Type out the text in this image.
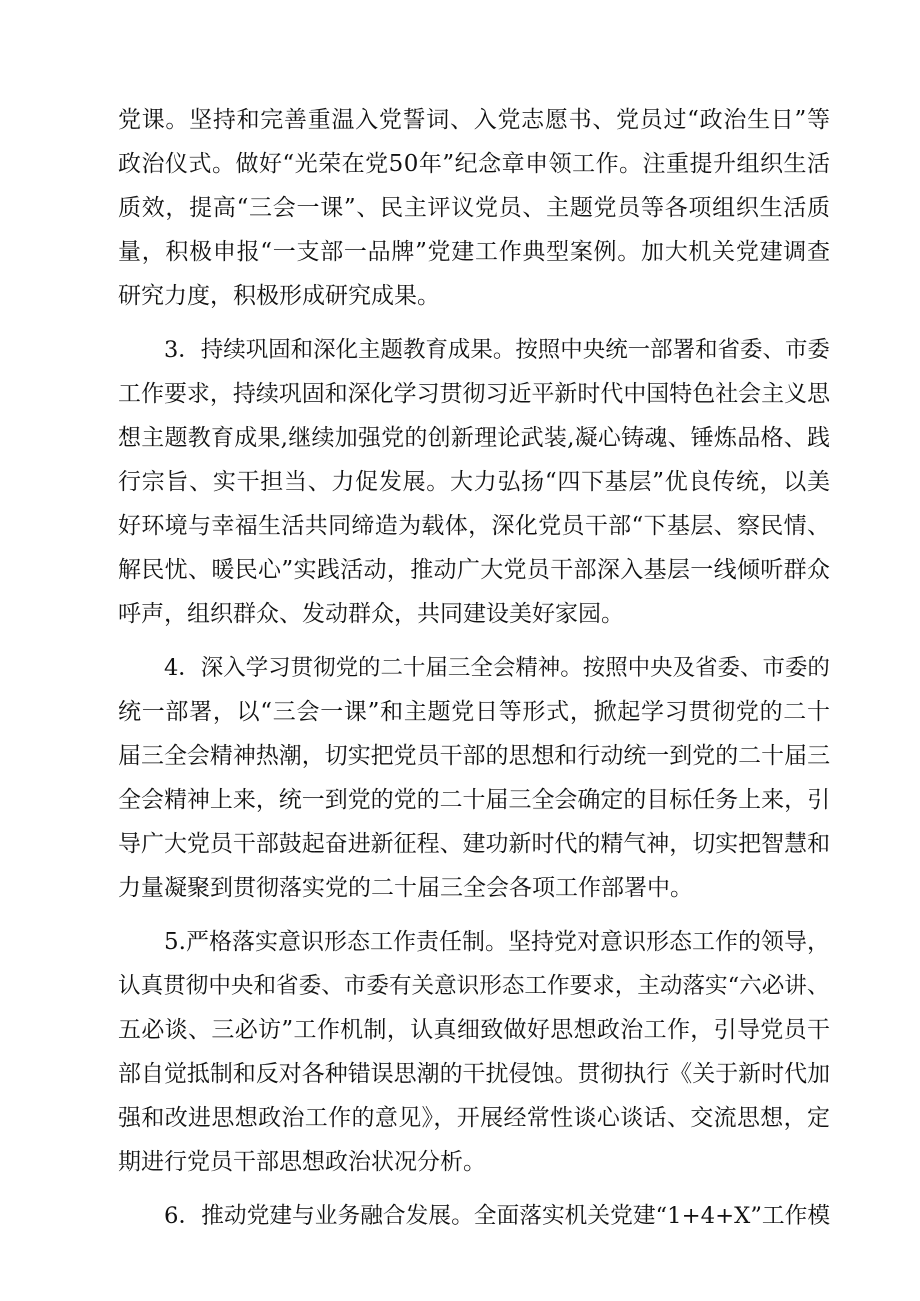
党课。坚持和完善重温入党誓词、入党志愿书、党员过“政治生日”等
政治仪式。做好“光荣在党50年”纪念章申领工作。注重提升组织生活
质效，提高“三会一课”、民主评议党员、主题党员等各项组织生活质
量，积极申报“一支部一品牌”党建工作典型案例。加大机关党建调查
研究力度，积极形成研究成果。
3．持续巩固和深化主题教育成果。按照中央统一部署和省委、市委
工作要求，持续巩固和深化学习贯彻习近平新时代中国特色社会主义思
想主题教育成果,继续加强党的创新理论武装,凝心铸魂、锤炼品格、践
行宗旨、实干担当、力促发展。大力弘扬“四下基层”优良传统，以美
好环境与幸福生活共同缔造为载体，深化党员干部“下基层、察民情、
解民忧、暖民心”实践活动，推动广大党员干部深入基层一线倾听群众
呼声，组织群众、发动群众，共同建设美好家园。
4．深入学习贯彻党的二十届三全会精神。按照中央及省委、市委的
统一部署，以“三会一课”和主题党日等形式，掀起学习贯彻党的二十
届三全会精神热潮，切实把党员干部的思想和行动统一到党的二十届三
全会精神上来，统一到党的党的二十届三全会确定的目标任务上来，引
导广大党员干部鼓起奋进新征程、建功新时代的精气神，切实把智慧和
力量凝聚到贯彻落实党的二十届三全会各项工作部署中。
5.严格落实意识形态工作责任制。坚持党对意识形态工作的领导，
认真贯彻中央和省委、市委有关意识形态工作要求，主动落实“六必讲、
五必谈、三必访”工作机制，认真细致做好思想政治工作，引导党员干
部自觉抵制和反对各种错误思潮的干扰侵蚀。贯彻执行《关于新时代加
强和改进思想政治工作的意见》，开展经常性谈心谈话、交流思想，定
期进行党员干部思想政治状况分析。
6．推动党建与业务融合发展。全面落实机关党建“1+4+X”工作模
